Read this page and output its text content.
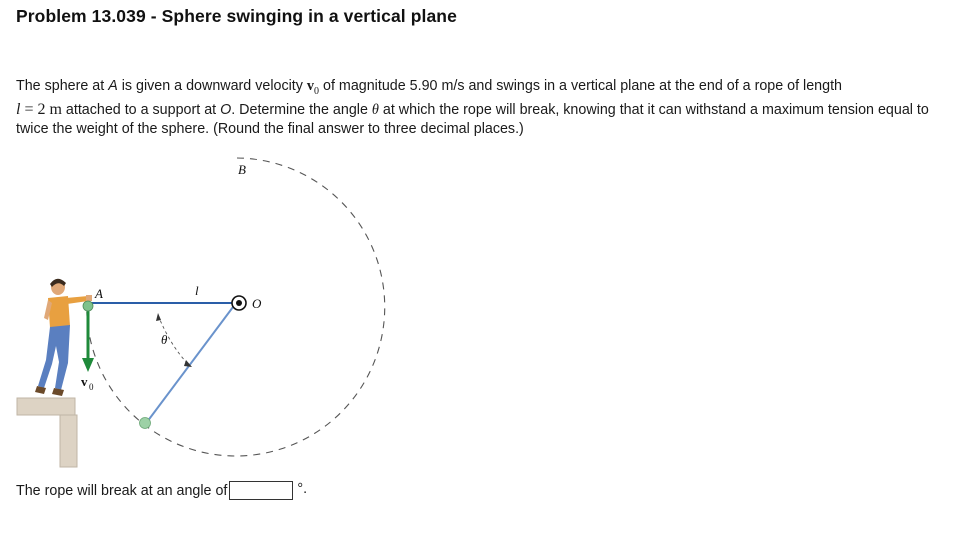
Problem 13.039 - Sphere swinging in a vertical plane
The sphere at A is given a downward velocity $v_0$ of magnitude 5.90 m/s and swings in a vertical plane at the end of a rope of length
l = 2 m attached to a support at O. Determine the angle θ at which the rope will break, knowing that it can withstand a maximum tension equal to twice the weight of the sphere. (Round the final answer to three decimal places.)
B
A	l
O
θ
v 0
The rope will break at an angle of	°.
